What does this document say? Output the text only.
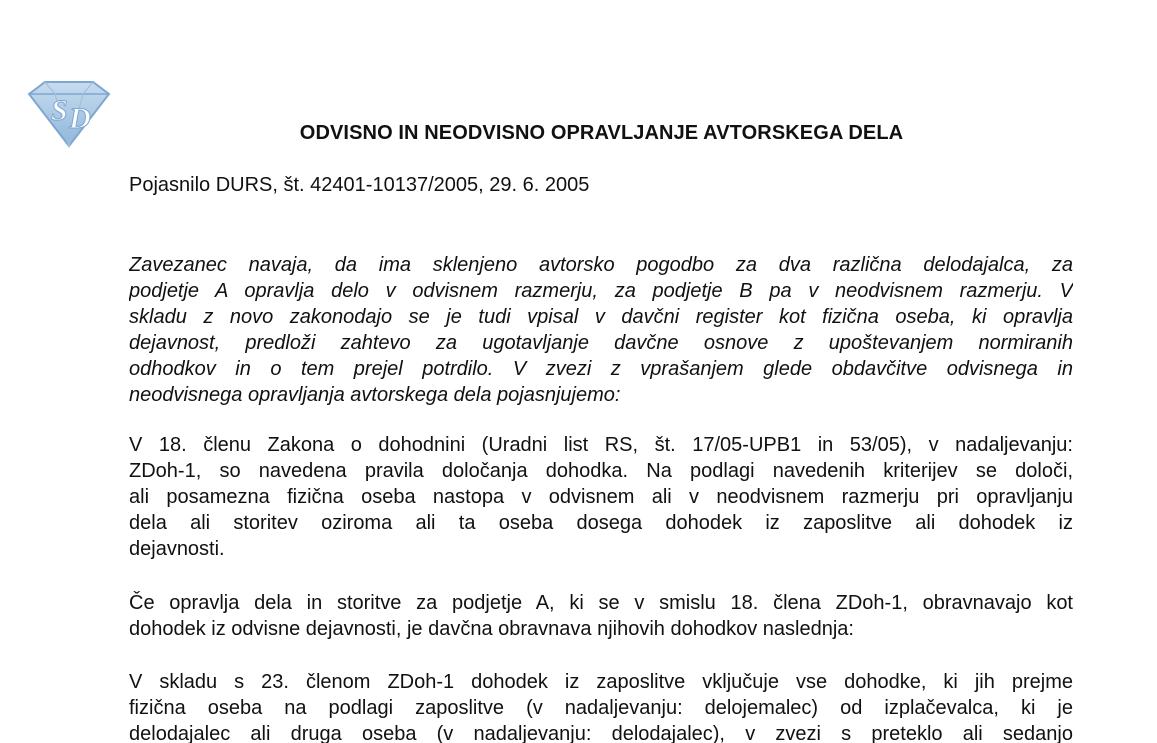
S D	ODVISNO IN NEODVISNO OPRAVLJANJE AVTORSKEGA DELA

Pojasnilo DURS, št. 42401-10137/2005, 29. 6. 2005

Zavezanec navaja, da ima sklenjeno avtorsko pogodbo za dva različna delodajalca, za
podjetje A opravlja delo v odvisnem razmerju, za podjetje B pa v neodvisnem razmerju. V
skladu z novo zakonodajo se je tudi vpisal v davčni register kot fizična oseba, ki opravlja
dejavnost, predloži zahtevo za ugotavljanje davčne osnove z upoštevanjem normiranih
odhodkov in o tem prejel potrdilo. V zvezi z vprašanjem glede obdavčitve odvisnega in
neodvisnega opravljanja avtorskega dela pojasnjujemo:

V 18. členu Zakona o dohodnini (Uradni list RS, št. 17/05-UPB1 in 53/05), v nadaljevanju:
ZDoh-1, so navedena pravila določanja dohodka. Na podlagi navedenih kriterijev se določi,
ali posamezna fizična oseba nastopa v odvisnem ali v neodvisnem razmerju pri opravljanju
dela ali storitev oziroma ali ta oseba dosega dohodek iz zaposlitve ali dohodek iz
dejavnosti.

Če opravlja dela in storitve za podjetje A, ki se v smislu 18. člena ZDoh-1, obravnavajo kot
dohodek iz odvisne dejavnosti, je davčna obravnava njihovih dohodkov naslednja:

V skladu s 23. členom ZDoh-1 dohodek iz zaposlitve vključuje vse dohodke, ki jih prejme
fizična oseba na podlagi zaposlitve (v nadaljevanju: delojemalec) od izplačevalca, ki je
delodajalec ali druga oseba (v nadaljevanju: delodajalec), v zvezi s preteklo ali sedanjo
